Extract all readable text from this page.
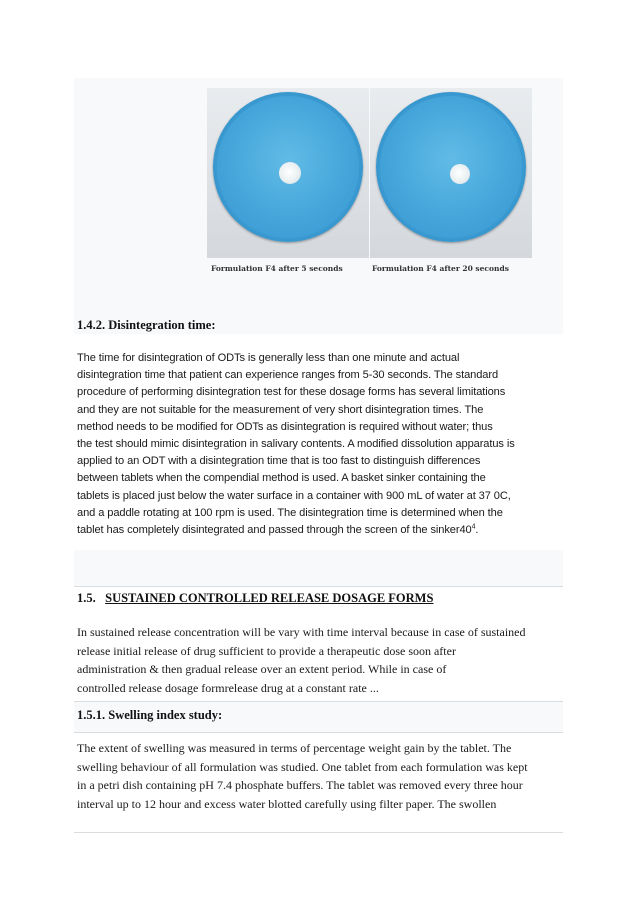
Formulation F4 after 5 seconds	Formulation F4 after 20 seconds
1.4.2. Disintegration time:
The time for disintegration of ODTs is generally less than one minute and actual
disintegration time that patient can experience ranges from 5-30 seconds. The standard
procedure of performing disintegration test for these dosage forms has several limitations
and they are not suitable for the measurement of very short disintegration times. The
method needs to be modified for ODTs as disintegration is required without water; thus
the test should mimic disintegration in salivary contents. A modified dissolution apparatus is
applied to an ODT with a disintegration time that is too fast to distinguish differences
between tablets when the compendial method is used. A basket sinker containing the
tablets is placed just below the water surface in a container with 900 mL of water at 37 0C,
and a paddle rotating at 100 rpm is used. The disintegration time is determined when the
tablet has completely disintegrated and passed through the screen of the $sinker40^4$.
1.5. SUSTAINED CONTROLLED RELEASE DOSAGE FORMS
In sustained release concentration will be vary with time interval because in case of sustained
release initial release of drug sufficient to provide a therapeutic dose soon after
administration & then gradual release over an extent period. While in case of
controlled release dosage formrelease drug at a constant rate ...
1.5.1. Swelling index study:
The extent of swelling was measured in terms of percentage weight gain by the tablet. The
swelling behaviour of all formulation was studied. One tablet from each formulation was kept
in a petri dish containing pH 7.4 phosphate buffers. The tablet was removed every three hour
interval up to 12 hour and excess water blotted carefully using filter paper. The swollen
